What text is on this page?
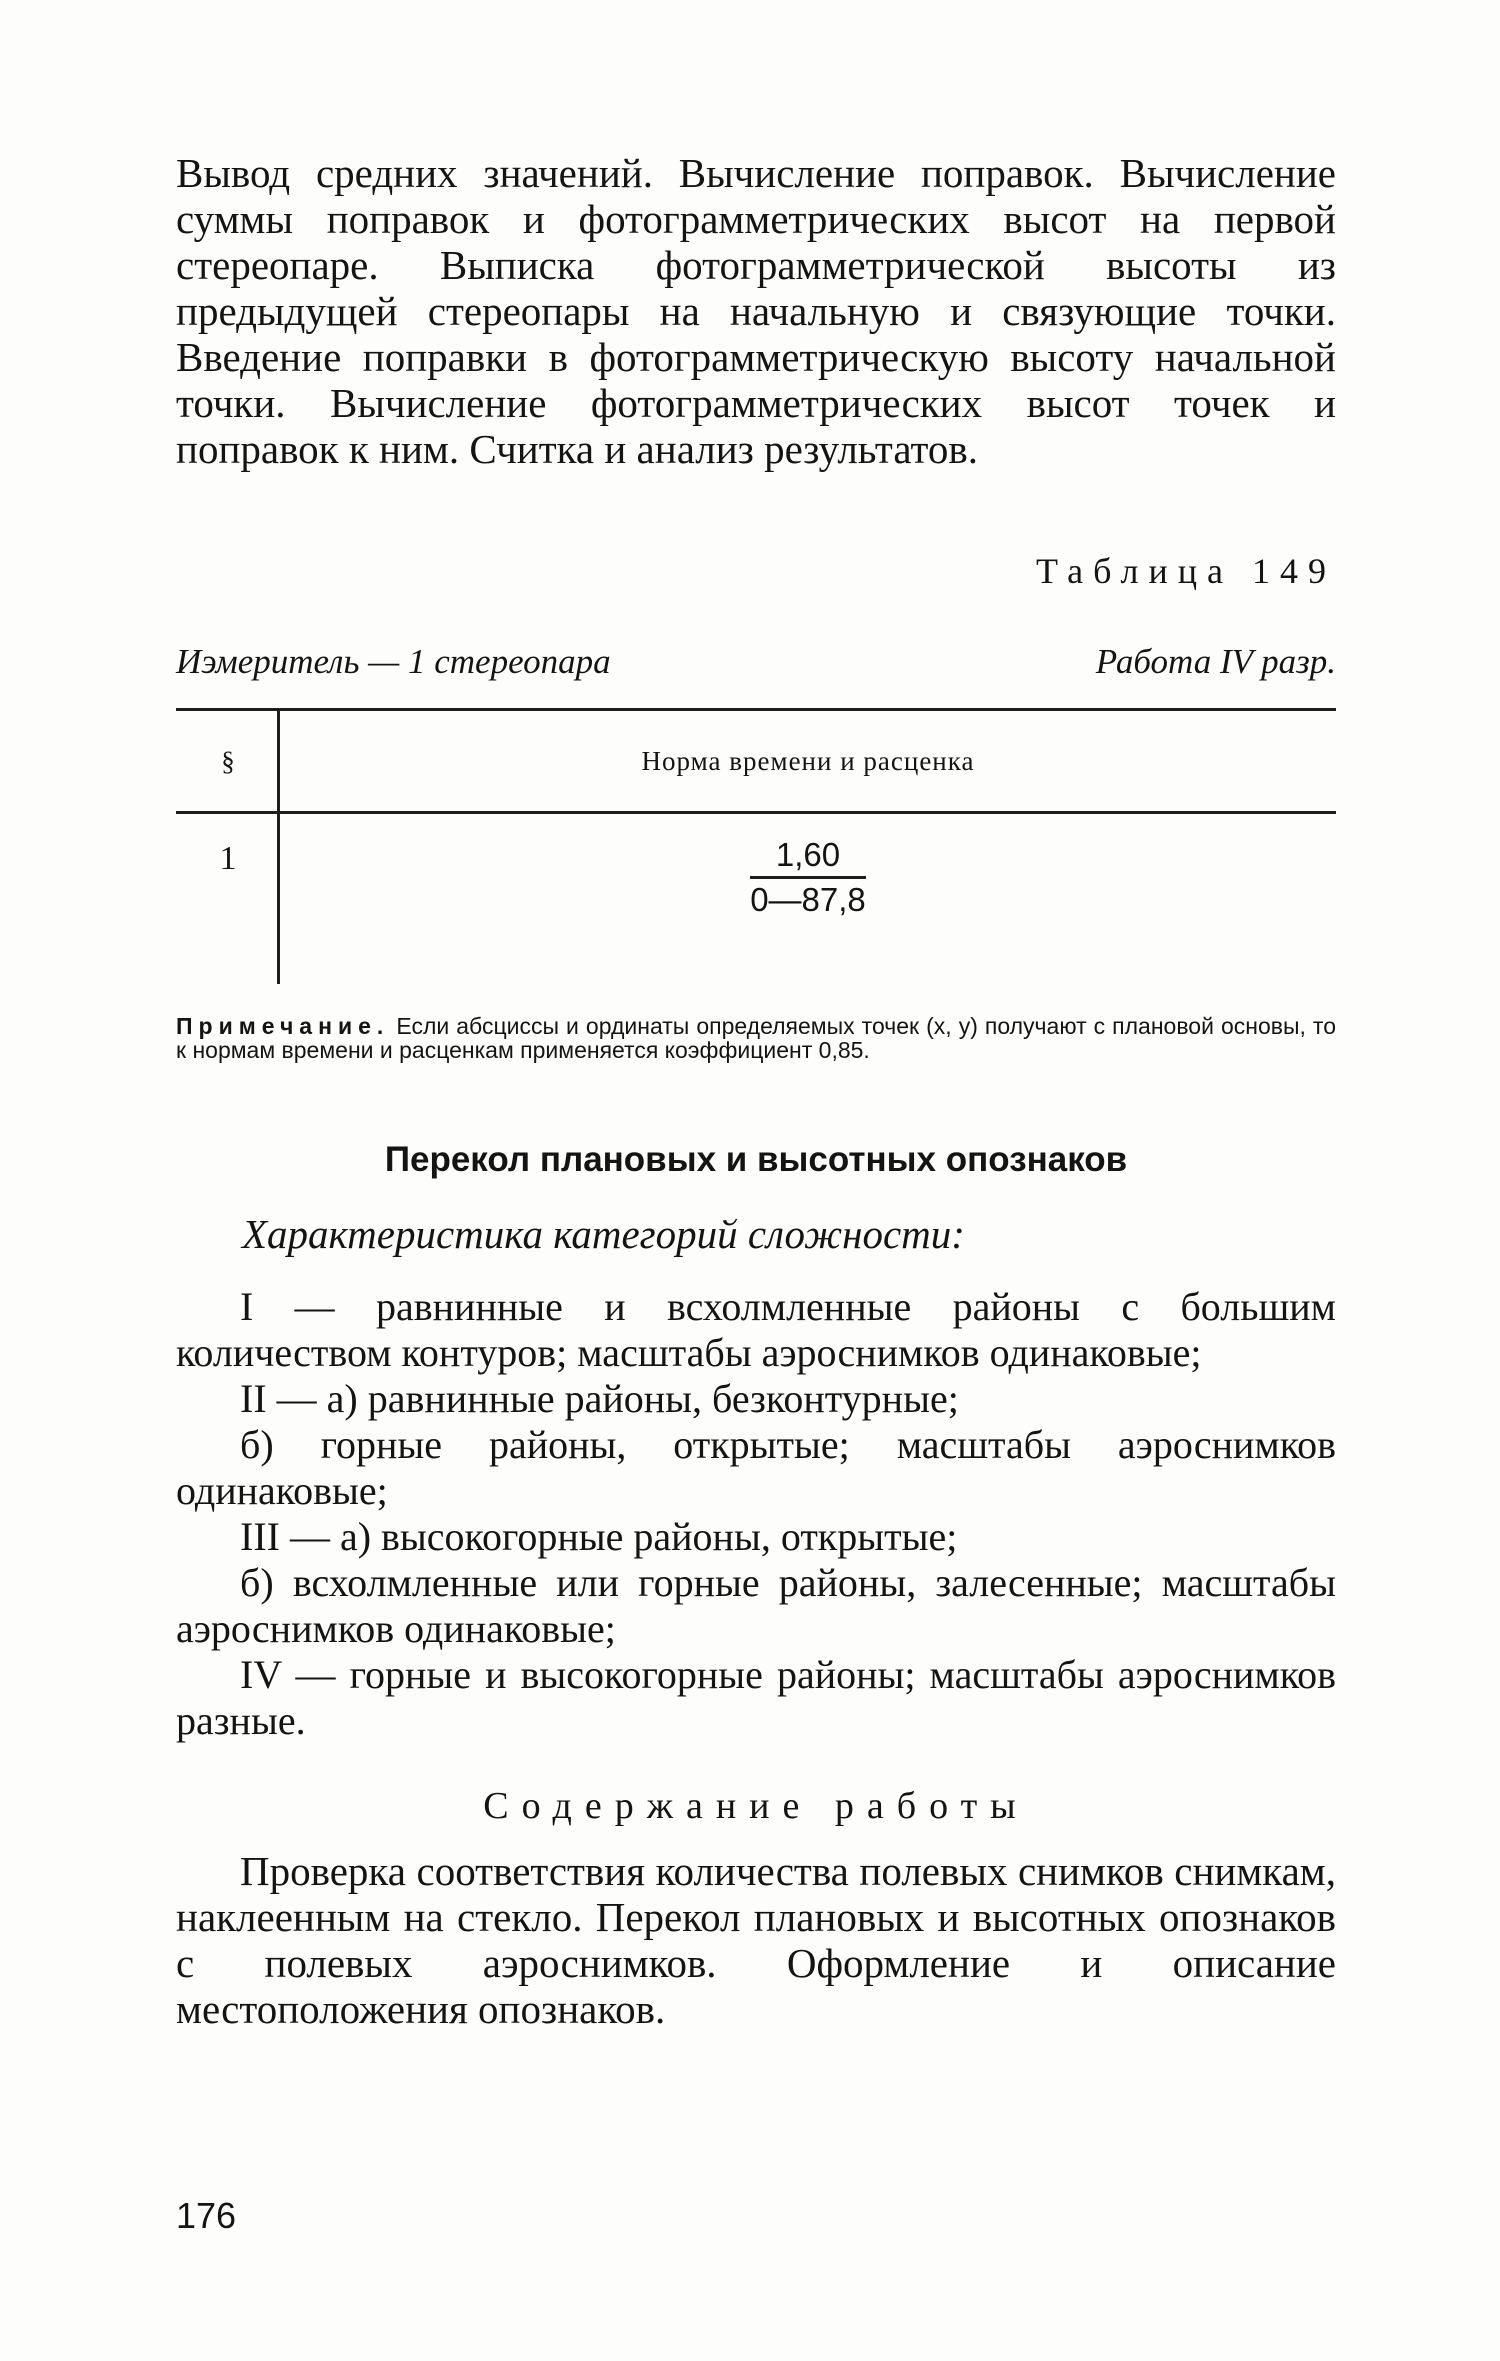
Вывод средних значений. Вычисление поправок. Вычисление суммы поправок и фотограмметрических высот на первой стереопаре. Выписка фотограмметрической высоты из предыдущей стереопары на начальную и связующие точки. Введение поправки в фотограмметрическую высоту начальной точки. Вычисление фотограмметрических высот точек и поправок к ним. Считка и анализ результатов.

Таблица 149
Иэмеритель — 1 стереопара	Работа IV разр.
§	Норма времени и расценка
1	$\frac{1,60}{0—87,8}$
Примечание. Если абсциссы и ординаты определяемых точек (x, y) получают с плановой основы, то к нормам времени и расценкам применяется коэффициент 0,85.
Перекол плановых и высотных опознаков
Характеристика категорий сложности:

I — равнинные и всхолмленные районы с большим количеством контуров; масштабы аэроснимков одинаковые;

II — а) равнинные районы, безконтурные;

б) горные районы, открытые; масштабы аэроснимков одинаковые;

III — а) высокогорные районы, открытые;

б) всхолмленные или горные районы, залесенные; масштабы аэроснимков одинаковые;

IV — горные и высокогорные районы; масштабы аэроснимков разные.

Содержание работы

Проверка соответствия количества полевых снимков снимкам, наклеенным на стекло. Перекол плановых и высотных опознаков с полевых аэроснимков. Оформление и описание местоположения опознаков.

176
